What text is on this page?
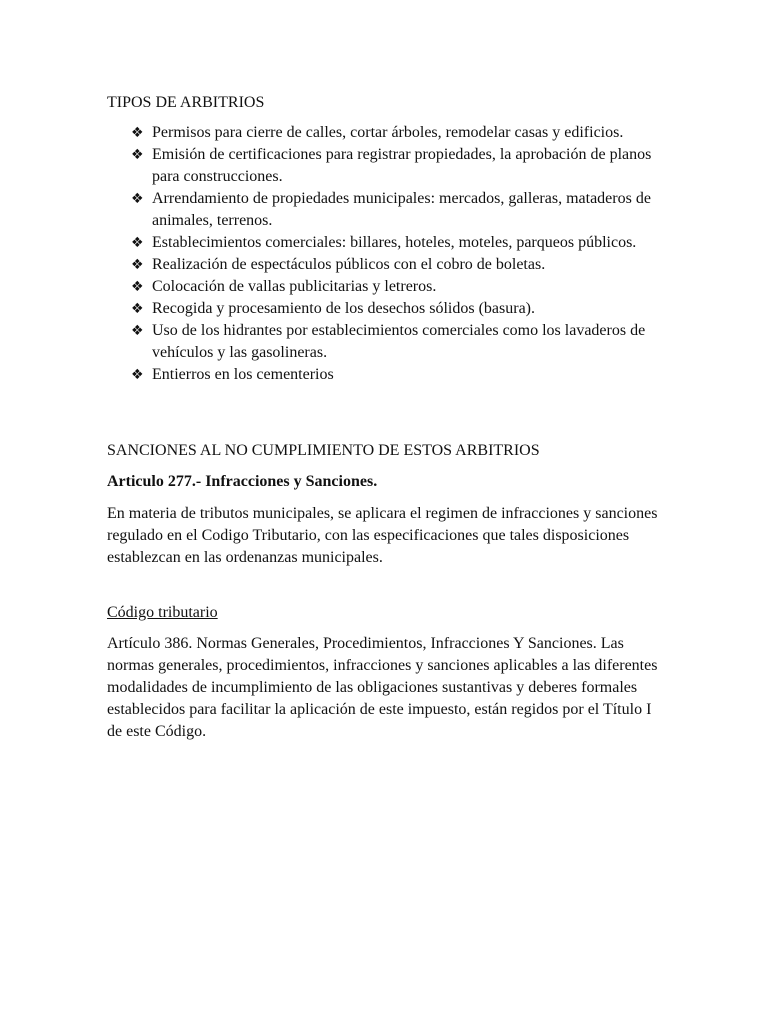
TIPOS DE ARBITRIOS

❖ Permisos para cierre de calles, cortar árboles, remodelar casas y edificios.
❖ Emisión de certificaciones para registrar propiedades, la aprobación de planos para construcciones.
❖ Arrendamiento de propiedades municipales: mercados, galleras, mataderos de animales, terrenos.
❖ Establecimientos comerciales: billares, hoteles, moteles, parqueos públicos.
❖ Realización de espectáculos públicos con el cobro de boletas.
❖ Colocación de vallas publicitarias y letreros.
❖ Recogida y procesamiento de los desechos sólidos (basura).
❖ Uso de los hidrantes por establecimientos comerciales como los lavaderos de vehículos y las gasolineras.
❖ Entierros en los cementerios

SANCIONES AL NO CUMPLIMIENTO DE ESTOS ARBITRIOS

Articulo 277.- Infracciones y Sanciones.

En materia de tributos municipales, se aplicara el regimen de infracciones y sanciones regulado en el Codigo Tributario, con las especificaciones que tales disposiciones establezcan en las ordenanzas municipales.

Código tributario

Artículo 386. Normas Generales, Procedimientos, Infracciones Y Sanciones. Las normas generales, procedimientos, infracciones y sanciones aplicables a las diferentes modalidades de incumplimiento de las obligaciones sustantivas y deberes formales establecidos para facilitar la aplicación de este impuesto, están regidos por el Título I de este Código.
